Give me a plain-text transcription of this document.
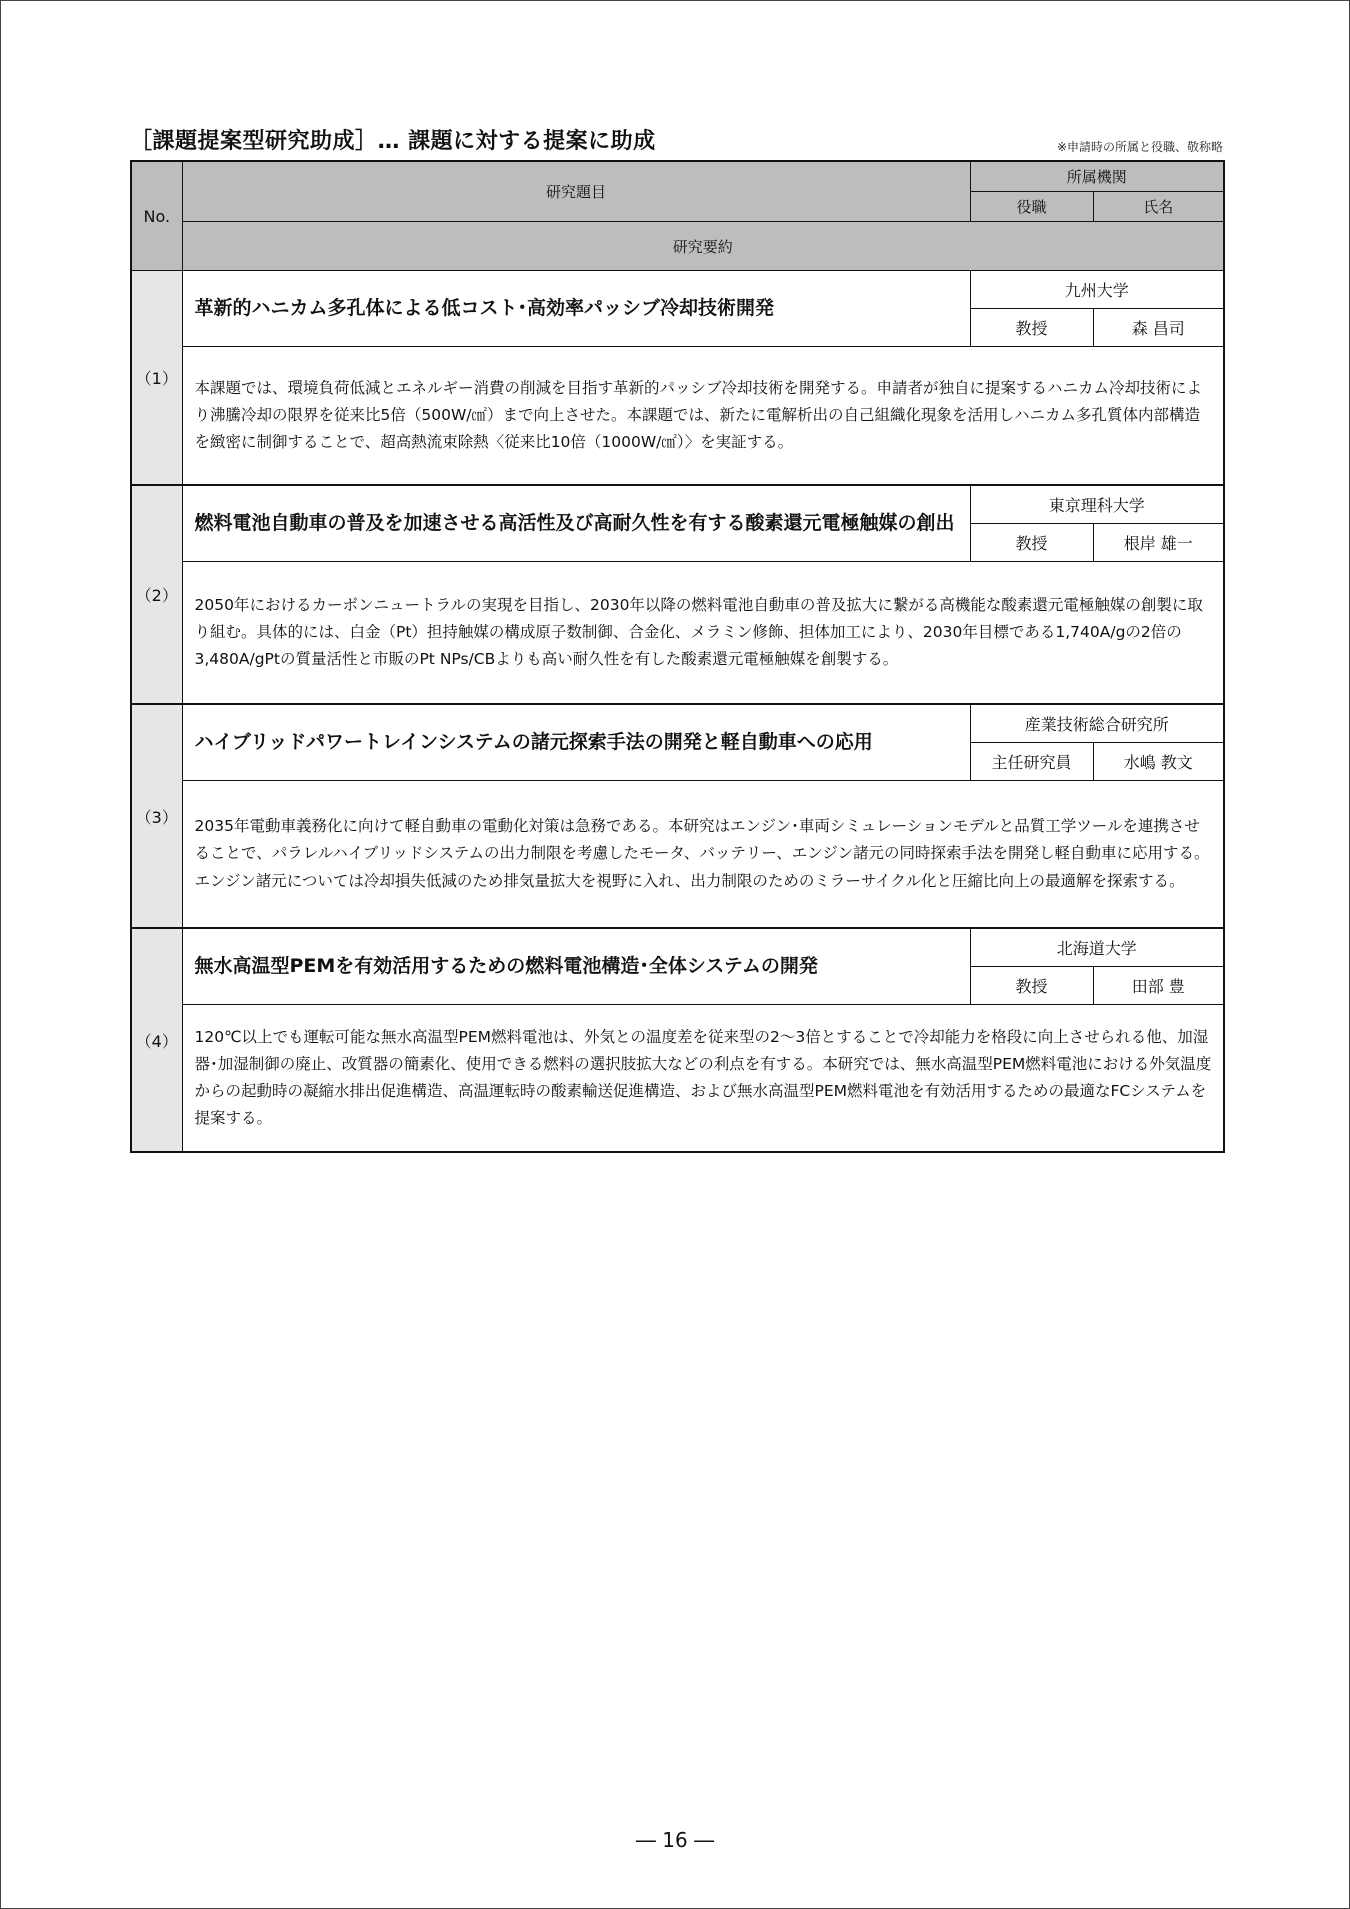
［課題提案型研究助成］… 課題に対する提案に助成	※申請時の所属と役職、敬称略
No.	研究題目	所属機関	
		役職	氏名
	研究要約		
（1）	革新的ハニカム多孔体による低コスト･高効率パッシブ冷却技術開発	九州大学	
		教授	森 昌司
	本課題では、環境負荷低減とエネルギー消費の削減を目指す革新的パッシブ冷却技術を開発する。申請者が独自に提案するハニカム冷却技術により沸騰冷却の限界を従来比5倍（500W/㎠）まで向上させた。本課題では、新たに電解析出の自己組織化現象を活用しハニカム多孔質体内部構造を緻密に制御することで、超高熱流束除熱〈従来比10倍（1000W/㎠）〉を実証する。		
（2）	燃料電池自動車の普及を加速させる高活性及び高耐久性を有する酸素還元電極触媒の創出	東京理科大学	
		教授	根岸 雄一
	2050年におけるカーボンニュートラルの実現を目指し、2030年以降の燃料電池自動車の普及拡大に繋がる高機能な酸素還元電極触媒の創製に取り組む。具体的には、白金（Pt）担持触媒の構成原子数制御、合金化、メラミン修飾、担体加工により、2030年目標である1,740A/gの2倍の3,480A/gPtの質量活性と市販のPt NPs/CBよりも高い耐久性を有した酸素還元電極触媒を創製する。		
（3）	ハイブリッドパワートレインシステムの諸元探索手法の開発と軽自動車への応用	産業技術総合研究所	
		主任研究員	水嶋 教文
	2035年電動車義務化に向けて軽自動車の電動化対策は急務である。本研究はエンジン･車両シミュレーションモデルと品質工学ツールを連携させることで、パラレルハイブリッドシステムの出力制限を考慮したモータ、バッテリー、エンジン諸元の同時探索手法を開発し軽自動車に応用する。エンジン諸元については冷却損失低減のため排気量拡大を視野に入れ、出力制限のためのミラーサイクル化と圧縮比向上の最適解を探索する。		
（4）	無水高温型PEMを有効活用するための燃料電池構造･全体システムの開発	北海道大学	
		教授	田部 豊
	120℃以上でも運転可能な無水高温型PEM燃料電池は、外気との温度差を従来型の2～3倍とすることで冷却能力を格段に向上させられる他、加湿器･加湿制御の廃止、改質器の簡素化、使用できる燃料の選択肢拡大などの利点を有する。本研究では、無水高温型PEM燃料電池における外気温度からの起動時の凝縮水排出促進構造、高温運転時の酸素輸送促進構造、および無水高温型PEM燃料電池を有効活用するための最適なFCシステムを提案する。		
― 16 ―
